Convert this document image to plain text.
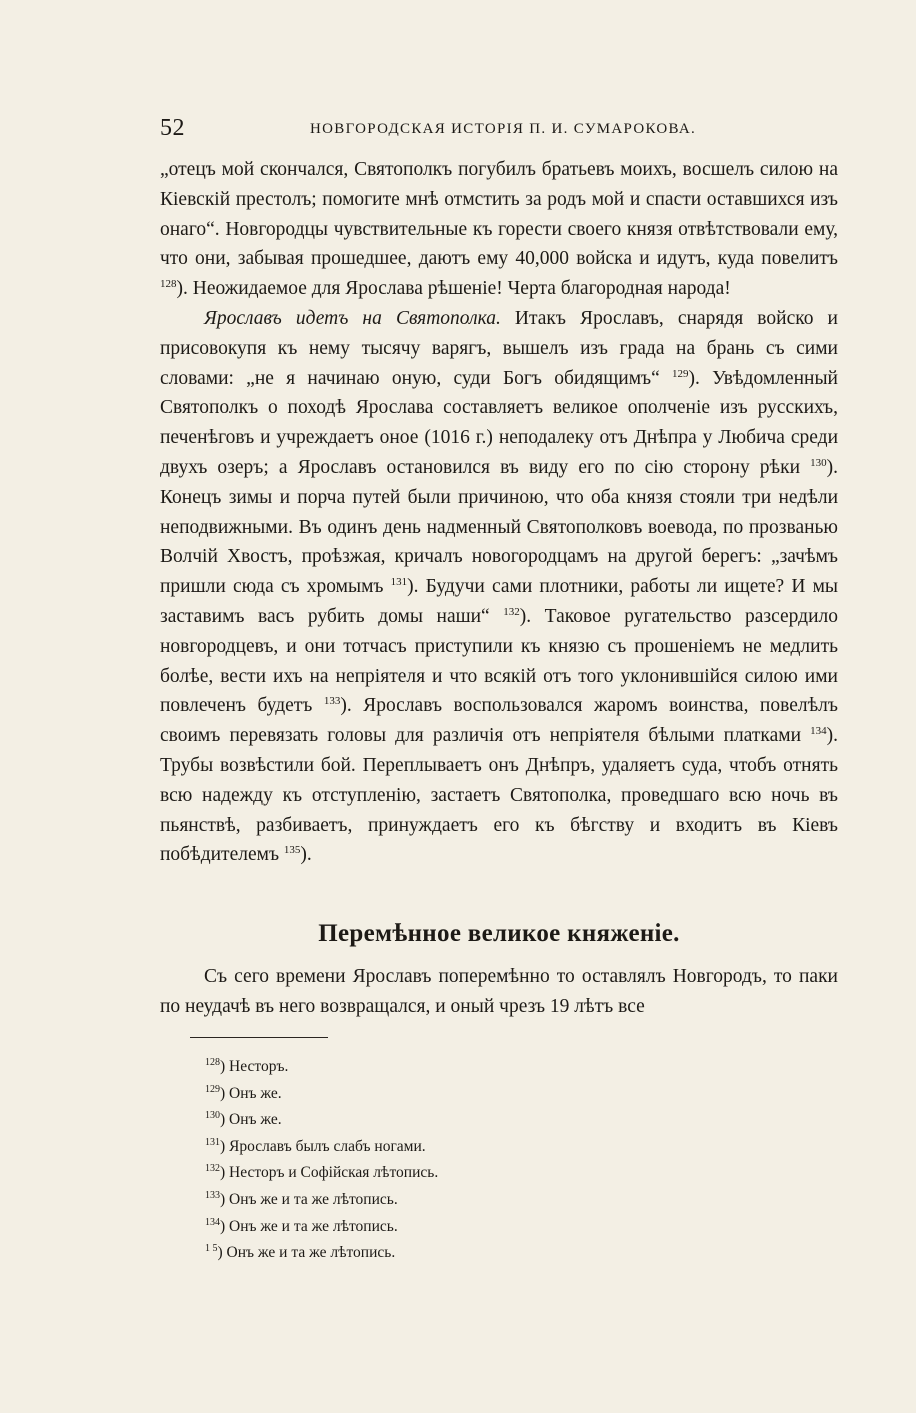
52	НОВГОРОДСКАЯ ИСТОРІЯ П. И. СУМАРОКОВА.

„отецъ мой скончался, Святополкъ погубилъ братьевъ моихъ, восшелъ силою на Кіевскій престолъ; помогите мнѣ отмстить за родъ мой и спасти оставшихся изъ онаго“. Новгородцы чувствительные къ горести своего князя отвѣтствовали ему, что они, забывая прошедшее, даютъ ему 40,000 войска и идутъ, куда повелитъ $^{128}$). Неожидаемое для Ярослава рѣшеніе! Черта благородная народа!

Ярославъ идетъ на Святополка. Итакъ Ярославъ, снарядя войско и присовокупя къ нему тысячу варягъ, вышелъ изъ града на брань съ сими словами: „не я начинаю оную, суди Богъ обидящимъ“ $^{129}$). Увѣдомленный Святополкъ о походѣ Ярослава составляетъ великое ополченіе изъ русскихъ, печенѣговъ и учреждаетъ оное (1016 г.) неподалеку отъ Днѣпра у Любича среди двухъ озеръ; а Ярославъ остановился въ виду его по сію сторону рѣки $^{130}$). Конецъ зимы и порча путей были причиною, что оба князя стояли три недѣли неподвижными. Въ одинъ день надменный Святополковъ воевода, по прозванью Волчій Хвостъ, проѣзжая, кричалъ новогородцамъ на другой берегъ: „зачѣмъ пришли сюда съ хромымъ $^{131}$). Будучи сами плотники, работы ли ищете? И мы заставимъ васъ рубить домы наши“ $^{132}$). Таковое ругательство разсердило новгородцевъ, и они тотчасъ приступили къ князю съ прошеніемъ не медлить болѣе, вести ихъ на непріятеля и что всякій отъ того уклонившійся силою ими повлеченъ будетъ $^{133}$). Ярославъ воспользовался жаромъ воинства, повелѣлъ своимъ перевязать головы для различія отъ непріятеля бѣлыми платками $^{134}$). Трубы возвѣстили бой. Переплываетъ онъ Днѣпръ, удаляетъ суда, чтобъ отнять всю надежду къ отступленію, застаетъ Святополка, проведшаго всю ночь въ пьянствѣ, разбиваетъ, принуждаетъ его къ бѣгству и входитъ въ Кіевъ побѣдителемъ $^{135}$).

Перемѣнное великое княженіе.

Съ сего времени Ярославъ поперемѣнно то оставлялъ Новгородъ, то паки по неудачѣ въ него возвращался, и оный чрезъ 19 лѣтъ все

$^{128}$) Несторъ.
$^{129}$) Онъ же.
$^{130}$) Онъ же.
$^{131}$) Ярославъ былъ слабъ ногами.
$^{132}$) Несторъ и Софійская лѣтопись.
$^{133}$) Онъ же и та же лѣтопись.
$^{134}$) Онъ же и та же лѣтопись.
$^{1 5}$) Онъ же и та же лѣтопись.
